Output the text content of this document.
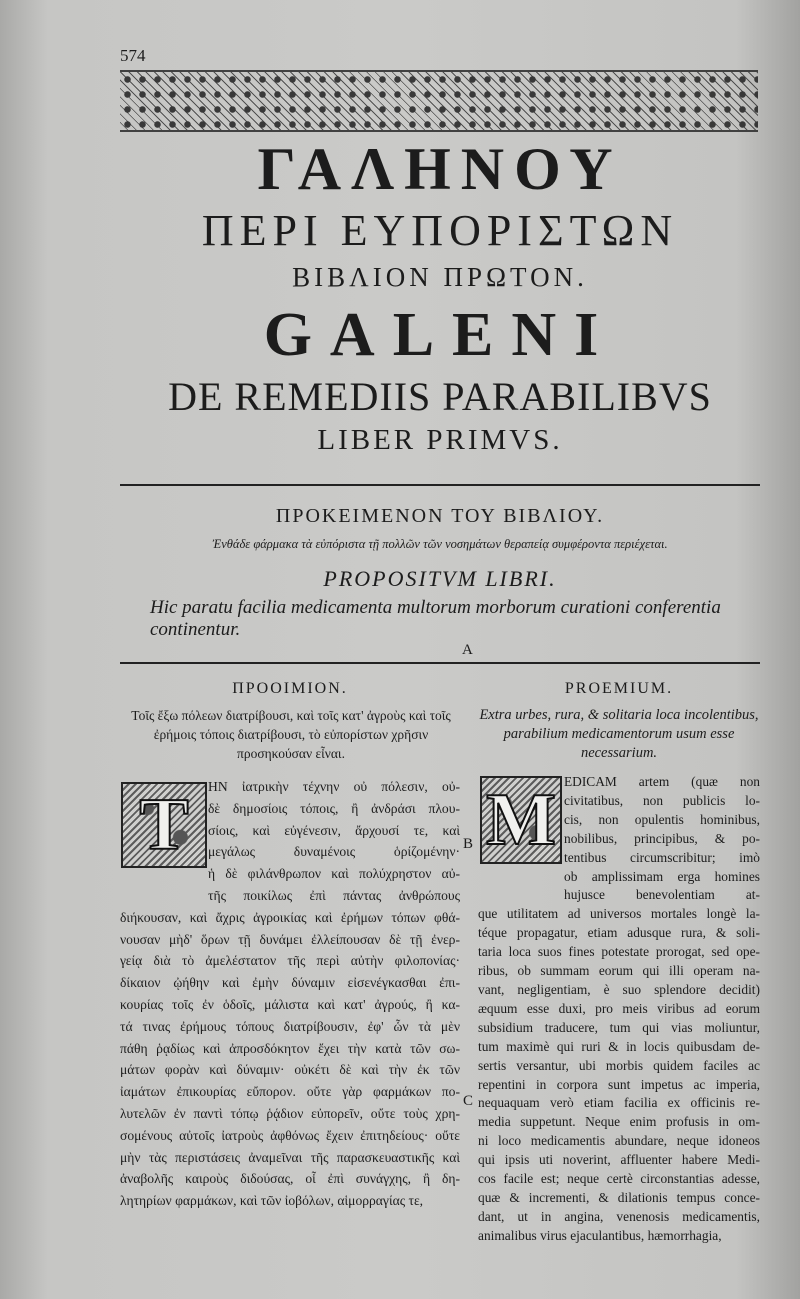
574
ΓΑΛΗΝΟΥ
ΠΕΡΙ ΕΥΠΟΡΙΣΤΩΝ
ΒΙΒΛΙΟΝ ΠΡΩΤΟΝ.
GALENI
DE REMEDIIS PARABILIBVS
LIBER PRIMVS.
ΠΡΟΚΕΙΜΕΝΟΝ ΤΟΥ ΒΙΒΛΙΟΥ.
Ἐνθάδε φάρμακα τὰ εὐπόριστα τῇ πολλῶν τῶν νοσημάτων θεραπείᾳ συμφέροντα περιέχεται.
PROPOSITVM LIBRI.
Hic paratu facilia medicamenta multorum morborum curationi conferentia continentur.
A
ΠΡΟΟΙΜΙΟΝ.
Τοῖς ἔξω πόλεων διατρίβουσι, καὶ τοῖς κατ' ἀγροὺς καὶ τοῖς ἐρήμοις τόποις διατρίβουσι, τὸ εὐπορίστων χρῆσιν προσηκούσαν εἶναι.
T ΗΝ ἰατρικὴν τέχνην οὐ πόλεσιν, οὐ-
δὲ δημοσίοις τόποις, ἢ ἀνδράσι πλου-
σίοις, καὶ εὐγένεσιν, ἄρχουσί τε, καὶ
μεγάλως δυναμένοις ὁρίζομένην·
ἡ δὲ φιλάνθρωπον καὶ πολύχρηστον αὐ-
τῆς ποικίλως ἐπὶ πάντας ἀνθρώπους
διήκουσαν, καὶ ἄχρις ἀγροικίας καὶ ἐρήμων τόπων φθά-
νουσαν μὴδ' ὅρων τῇ δυνάμει ἐλλείπουσαν δὲ τῇ ἐνερ-
γείᾳ διὰ τὸ ἀμελέστατον τῆς περὶ αὐτὴν φιλοπονίας·
δίκαιον ᾠήθην καὶ ἐμὴν δύναμιν εἰσενέγκασθαι ἐπι-
κουρίας τοῖς ἐν ὁδοῖς, μάλιστα καὶ κατ' ἀγρούς, ἢ κα-
τά τινας ἐρήμους τόπους διατρίβουσιν, ἐφ' ὧν τὰ μὲν
πάθη ῥᾳδίως καὶ ἀπροσδόκητον ἔχει τὴν κατὰ τῶν σω-
μάτων φορὰν καὶ δύναμιν· οὐκέτι δὲ καὶ τὴν ἐκ τῶν
ἰαμάτων ἐπικουρίας εὔπορον. οὔτε γὰρ φαρμάκων πο-
λυτελῶν ἐν παντὶ τόπῳ ῥᾴδιον εὐπορεῖν, οὔτε τοὺς χρη-
σομένους αὐτοῖς ἰατροὺς ἀφθόνως ἔχειν ἐπιτηδείους· οὔτε
μὴν τὰς περιστάσεις ἀναμεῖναι τῆς παρασκευαστικῆς καὶ
ἀναβολῆς καιροὺς διδούσας, οἷ ἐπὶ συνάγχης, ἢ δη-
λητηρίων φαρμάκων, καὶ τῶν ἰοβόλων, αἱμορραγίας τε,
B
C
PROEMIUM.
Extra urbes, rura, & solitaria loca incolentibus, parabilium medicamentorum usum esse necessarium.
M EDICAM artem (quæ non
civitatibus, non publicis lo-
cis, non opulentis hominibus,
nobilibus, principibus, & po-
tentibus circumscribitur; imò
ob amplissimam erga homines
hujusce benevolentiam at-
que utilitatem ad universos mortales longè la-
téque propagatur, etiam adusque rura, & soli-
taria loca suos fines potestate prorogat, sed ope-
ribus, ob summam eorum qui illi operam na-
vant, negligentiam, è suo splendore decidit)
æquum esse duxi, pro meis viribus ad eorum
subsidium traducere, tum qui vias moliuntur,
tum maximè qui ruri & in locis quibusdam de-
sertis versantur, ubi morbis quidem faciles ac
repentini in corpora sunt impetus ac imperia,
nequaquam verò etiam facilia ex officinis re-
media suppetunt. Neque enim profusis in om-
ni loco medicamentis abundare, neque idoneos
qui ipsis uti noverint, affluenter habere Medi-
cos facile est; neque certè circonstantias adesse,
quæ & incrementi, & dilationis tempus conce-
dant, ut in angina, venenosis medicamentis,
animalibus virus ejaculantibus, hæmorrhagia,
